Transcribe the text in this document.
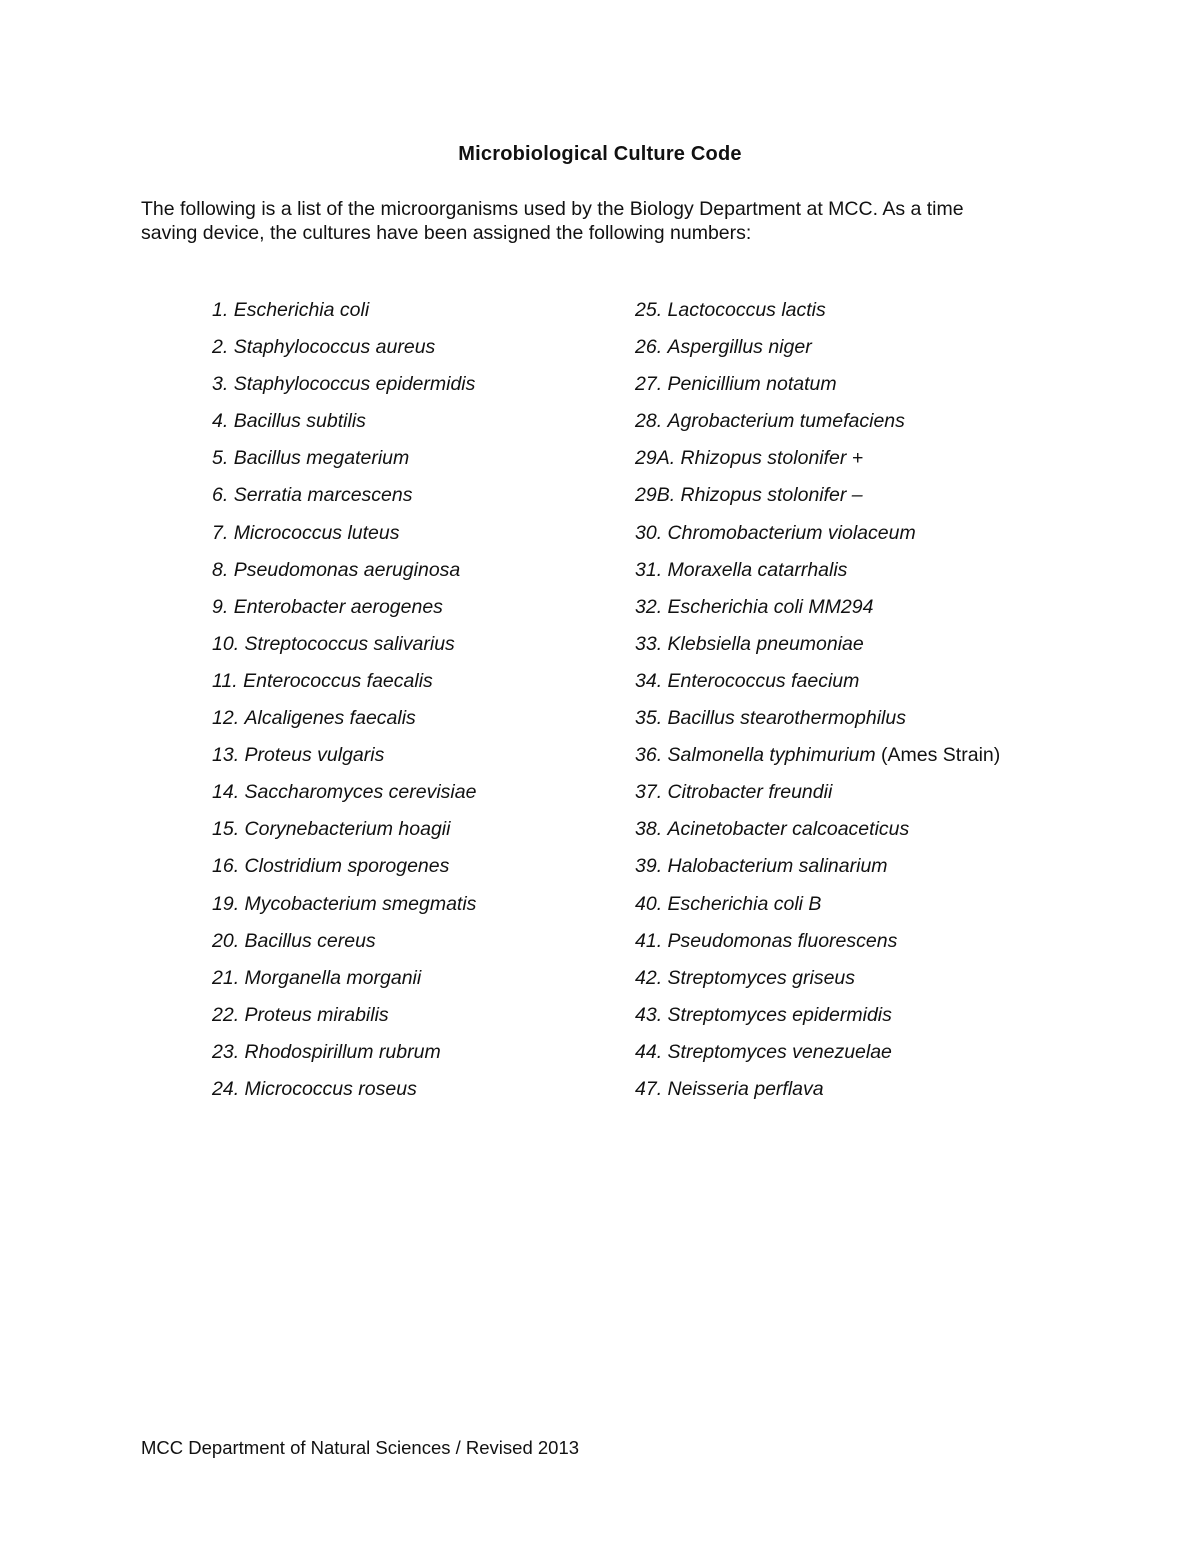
Microbiological Culture Code

The following is a list of the microorganisms used by the Biology Department at MCC. As a time

saving device, the cultures have been assigned the following numbers:

1. Escherichia coli
2. Staphylococcus aureus
3. Staphylococcus epidermidis
4. Bacillus subtilis
5. Bacillus megaterium
6. Serratia marcescens
7. Micrococcus luteus
8. Pseudomonas aeruginosa
9. Enterobacter aerogenes
10. Streptococcus salivarius
11. Enterococcus faecalis
12. Alcaligenes faecalis
13. Proteus vulgaris
14. Saccharomyces cerevisiae
15. Corynebacterium hoagii
16. Clostridium sporogenes
19. Mycobacterium smegmatis
20. Bacillus cereus
21. Morganella morganii
22. Proteus mirabilis
23. Rhodospirillum rubrum
24. Micrococcus roseus
25. Lactococcus lactis
26. Aspergillus niger
27. Penicillium notatum
28. Agrobacterium tumefaciens
29A. Rhizopus stolonifer +
29B. Rhizopus stolonifer –
30. Chromobacterium violaceum
31. Moraxella catarrhalis
32. Escherichia coli MM294
33. Klebsiella pneumoniae
34. Enterococcus faecium
35. Bacillus stearothermophilus
36. Salmonella typhimurium (Ames Strain)
37. Citrobacter freundii
38. Acinetobacter calcoaceticus
39. Halobacterium salinarium
40. Escherichia coli B
41. Pseudomonas fluorescens
42. Streptomyces griseus
43. Streptomyces epidermidis
44. Streptomyces venezuelae
47. Neisseria perflava
MCC Department of Natural Sciences / Revised 2013
